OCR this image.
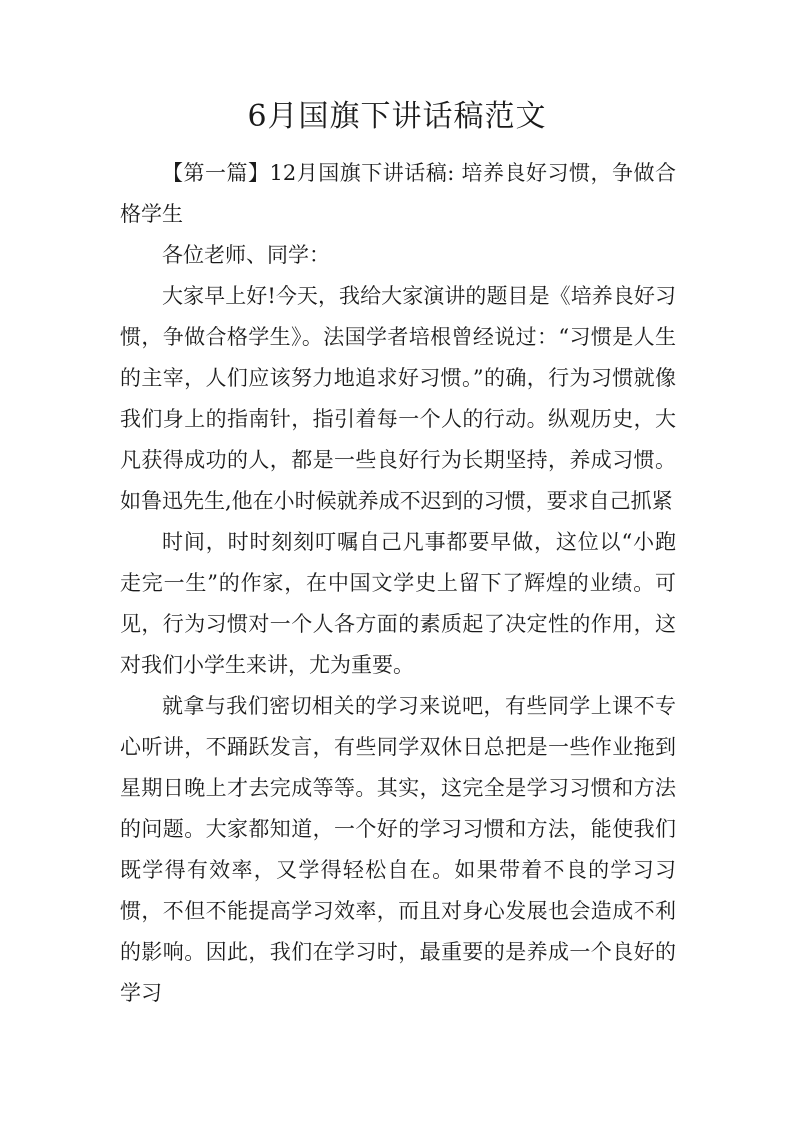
6月国旗下讲话稿范文

【第一篇】12月国旗下讲话稿: 培养良好习惯，争做合格学生

各位老师、同学：

大家早上好!今天，我给大家演讲的题目是《培养良好习惯，争做合格学生》。法国学者培根曾经说过：“习惯是人生的主宰，人们应该努力地追求好习惯。”的确，行为习惯就像我们身上的指南针，指引着每一个人的行动。纵观历史，大凡获得成功的人，都是一些良好行为长期坚持，养成习惯。如鲁迅先生,他在小时候就养成不迟到的习惯，要求自己抓紧

时间，时时刻刻叮嘱自己凡事都要早做，这位以“小跑走完一生”的作家，在中国文学史上留下了辉煌的业绩。可见，行为习惯对一个人各方面的素质起了决定性的作用，这对我们小学生来讲，尤为重要。

就拿与我们密切相关的学习来说吧，有些同学上课不专心听讲，不踊跃发言，有些同学双休日总把是一些作业拖到星期日晚上才去完成等等。其实，这完全是学习习惯和方法的问题。大家都知道，一个好的学习习惯和方法，能使我们既学得有效率，又学得轻松自在。如果带着不良的学习习惯，不但不能提高学习效率，而且对身心发展也会造成不利的影响。因此，我们在学习时，最重要的是养成一个良好的学习
